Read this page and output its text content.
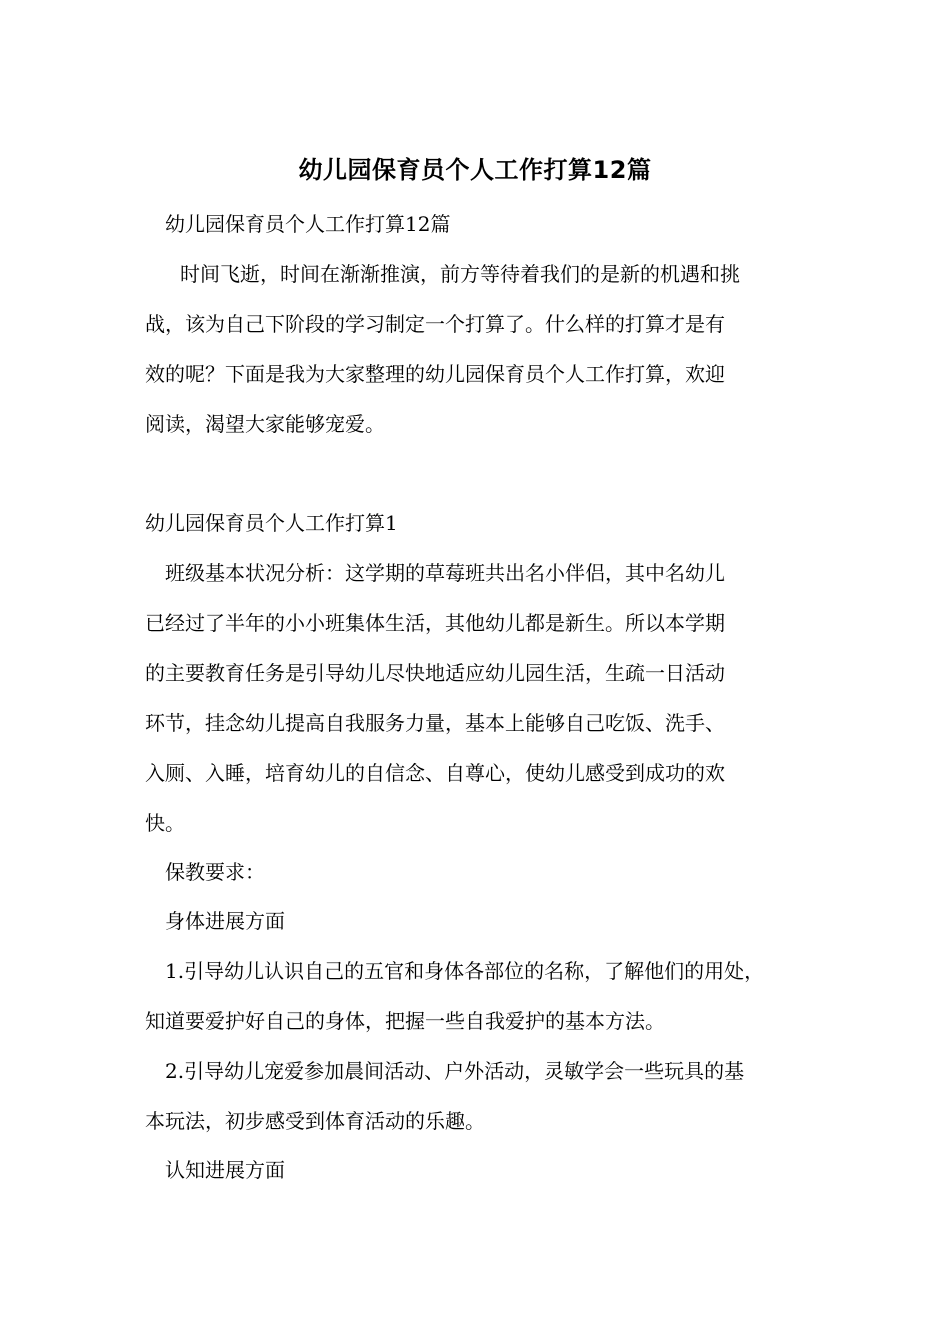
幼儿园保育员个人工作打算12篇
幼儿园保育员个人工作打算12篇
时间飞逝，时间在渐渐推演，前方等待着我们的是新的机遇和挑
战，该为自己下阶段的学习制定一个打算了。什么样的打算才是有
效的呢？下面是我为大家整理的幼儿园保育员个人工作打算，欢迎
阅读，渴望大家能够宠爱。
幼儿园保育员个人工作打算1
班级基本状况分析：这学期的草莓班共出名小伴侣，其中名幼儿
已经过了半年的小小班集体生活，其他幼儿都是新生。所以本学期
的主要教育任务是引导幼儿尽快地适应幼儿园生活，生疏一日活动
环节，挂念幼儿提高自我服务力量，基本上能够自己吃饭、洗手、
入厕、入睡，培育幼儿的自信念、自尊心，使幼儿感受到成功的欢
快。
保教要求：
身体进展方面
1.引导幼儿认识自己的五官和身体各部位的名称，了解他们的用处，
知道要爱护好自己的身体，把握一些自我爱护的基本方法。
2.引导幼儿宠爱参加晨间活动、户外活动，灵敏学会一些玩具的基
本玩法，初步感受到体育活动的乐趣。
认知进展方面
